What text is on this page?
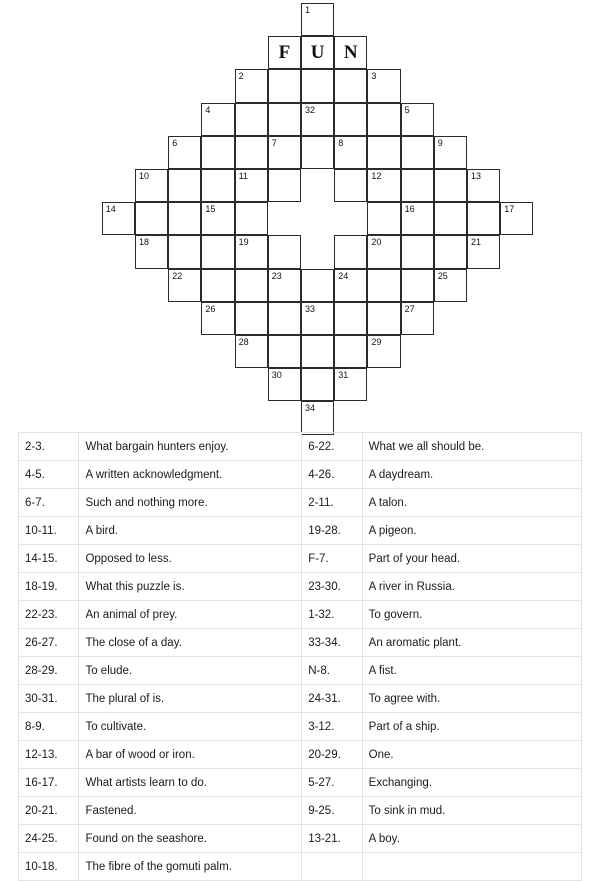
1
F	U	N
2	3
4	32	5
6	7	8	9
10	11	12	13
14	15	16	17
18	19	20	21
22	23	24	25
26	33	27
28	29
30	31
34
2-3.	What bargain hunters enjoy.	6-22.	What we all should be.
4-5.	A written acknowledgment.	4-26.	A daydream.
6-7.	Such and nothing more.	2-11.	A talon.
10-11.	A bird.	19-28.	A pigeon.
14-15.	Opposed to less.	F-7.	Part of your head.
18-19.	What this puzzle is.	23-30.	A river in Russia.
22-23.	An animal of prey.	1-32.	To govern.
26-27.	The close of a day.	33-34.	An aromatic plant.
28-29.	To elude.	N-8.	A fist.
30-31.	The plural of is.	24-31.	To agree with.
8-9.	To cultivate.	3-12.	Part of a ship.
12-13.	A bar of wood or iron.	20-29.	One.
16-17.	What artists learn to do.	5-27.	Exchanging.
20-21.	Fastened.	9-25.	To sink in mud.
24-25.	Found on the seashore.	13-21.	A boy.
10-18.	The fibre of the gomuti palm.		
